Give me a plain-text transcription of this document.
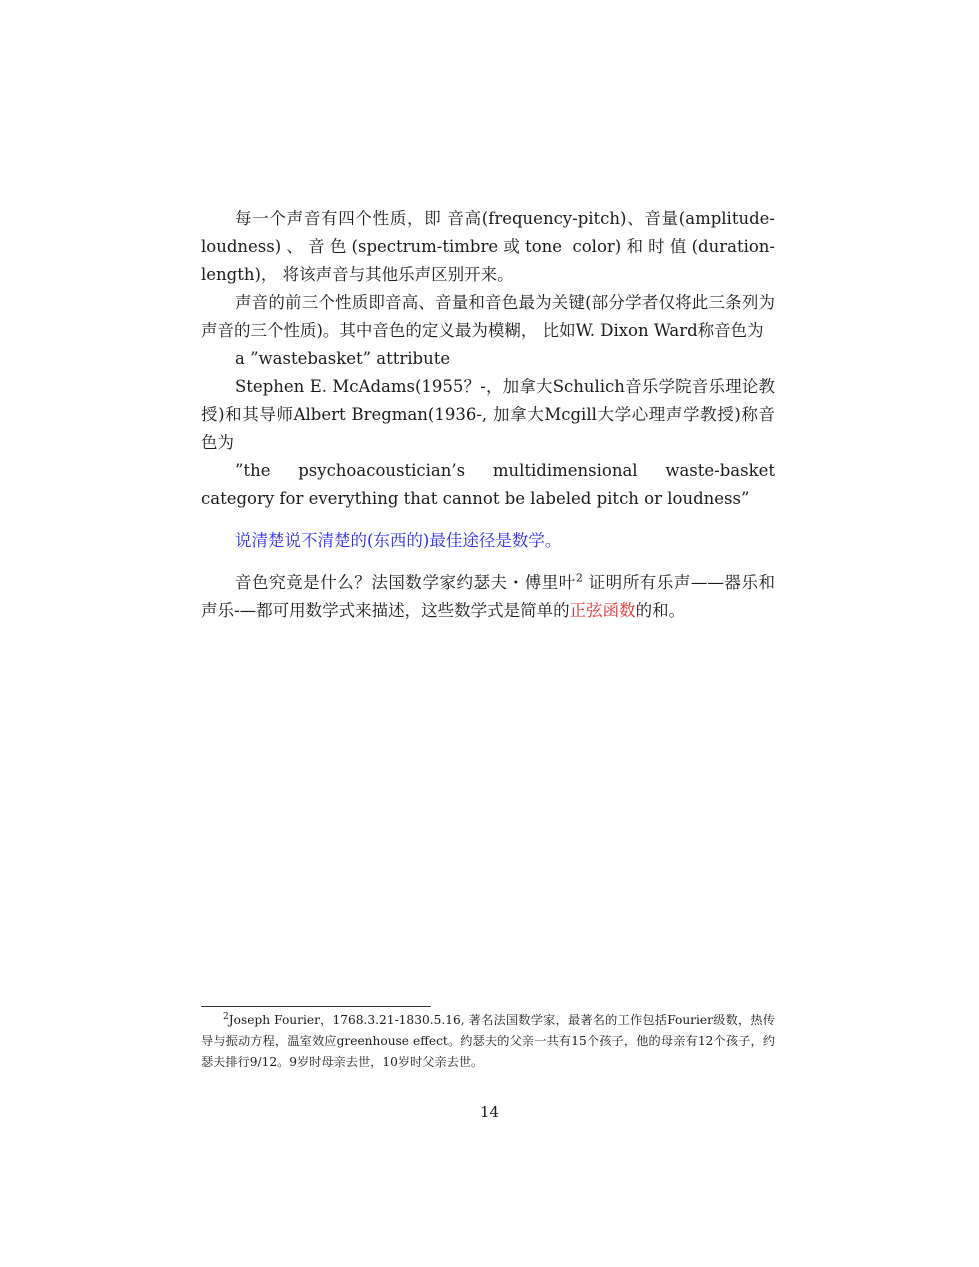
每一个声音有四个性质，即 音高(frequency-pitch)、音量(amplitude-loudness)、音色(spectrum-timbre或tone color)和时值(duration-length)， 将该声音与其他乐声区别开来。

声音的前三个性质即音高、音量和音色最为关键(部分学者仅将此三条列为声音的三个性质)。其中音色的定义最为模糊， 比如W. Dixon Ward称音色为

a ”wastebasket” attribute

Stephen E. McAdams(1955？-，加拿大Schulich音乐学院音乐理论教授)和其导师Albert Bregman(1936-, 加拿大Mcgill大学心理声学教授)称音色为

”the psychoacoustician’s multidimensional waste-basket category for everything that cannot be labeled pitch or loudness”

说清楚说不清楚的(东西的)最佳途径是数学。

音色究竟是什么？法国数学家约瑟夫・傅里叶$^2$ 证明所有乐声——器乐和声乐-—都可用数学式来描述，这些数学式是简单的正弦函数的和。

$^2$Joseph Fourier，1768.3.21-1830.5.16, 著名法国数学家，最著名的工作包括Fourier级数，热传导与振动方程，温室效应greenhouse effect。约瑟夫的父亲一共有15个孩子，他的母亲有12个孩子，约瑟夫排行9/12。9岁时母亲去世，10岁时父亲去世。

14
